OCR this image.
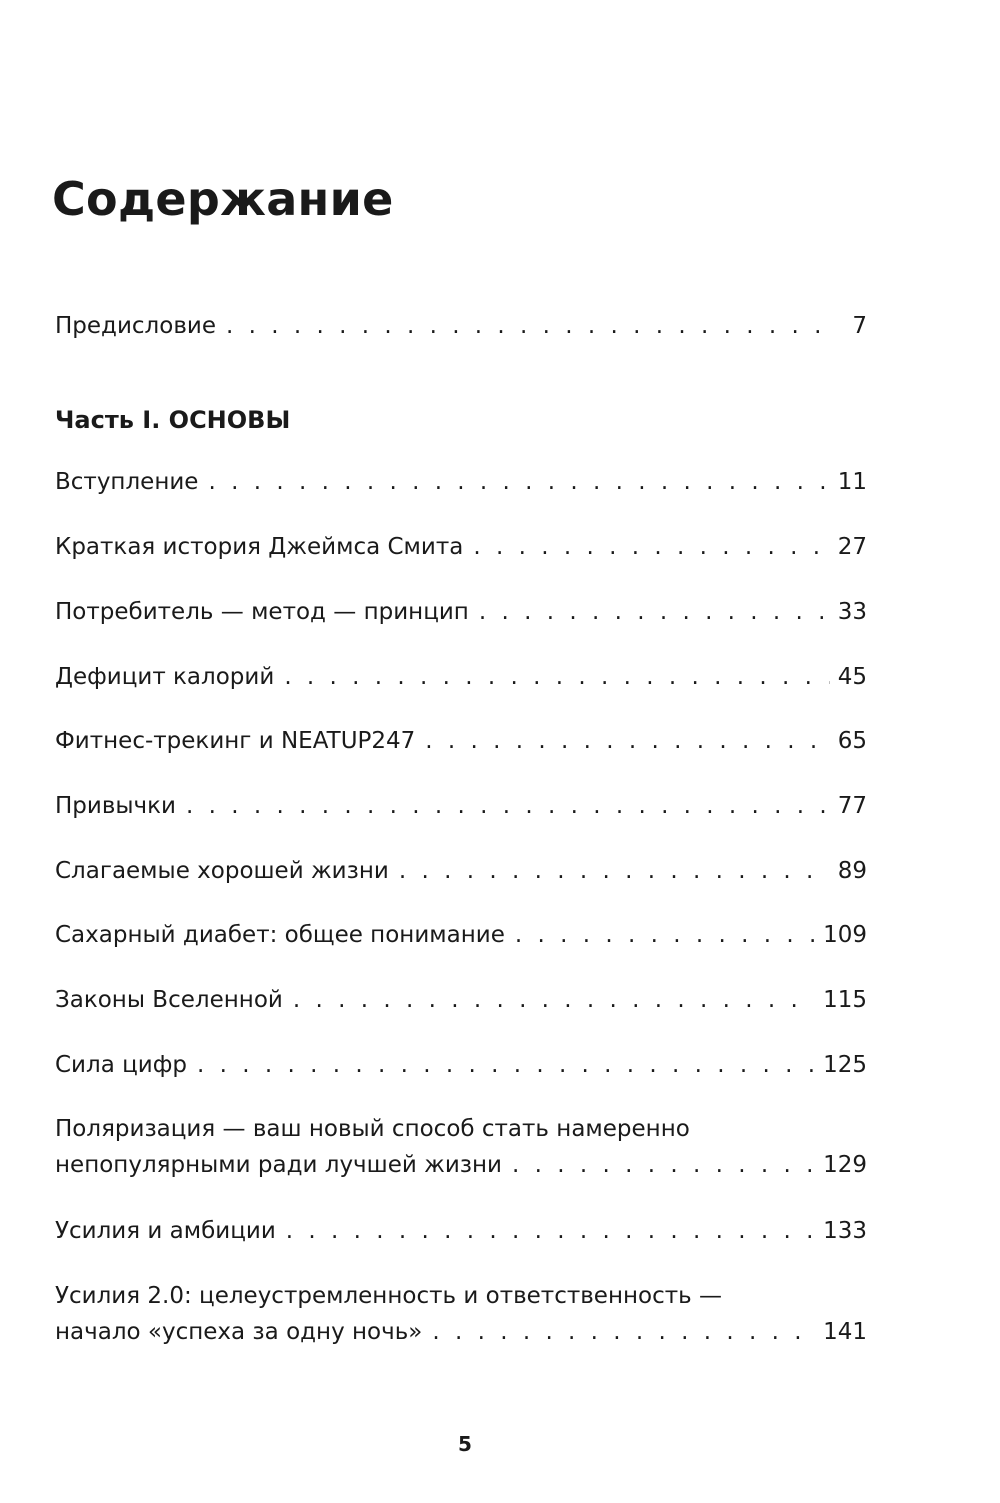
Содержание
Предисловие . . .	7
Часть I. ОСНОВЫ
Вступление . . .	11
Краткая история Джеймса Смита . . .	27
Потребитель — метод — принцип . . .	33
Дефицит калорий . . .	45
Фитнес-трекинг и NEATUP247 . . .	65
Привычки . . .	77
Слагаемые хорошей жизни . . .	89
Сахарный диабет: общее понимание . . .	109
Законы Вселенной . . .	115
Сила цифр . . .	125
Поляризация — ваш новый способ стать намеренно
непопулярными ради лучшей жизни . . .	129
Усилия и амбиции . . .	133
Усилия 2.0: целеустремленность и ответственность —
начало «успеха за одну ночь» . . .	141
5
